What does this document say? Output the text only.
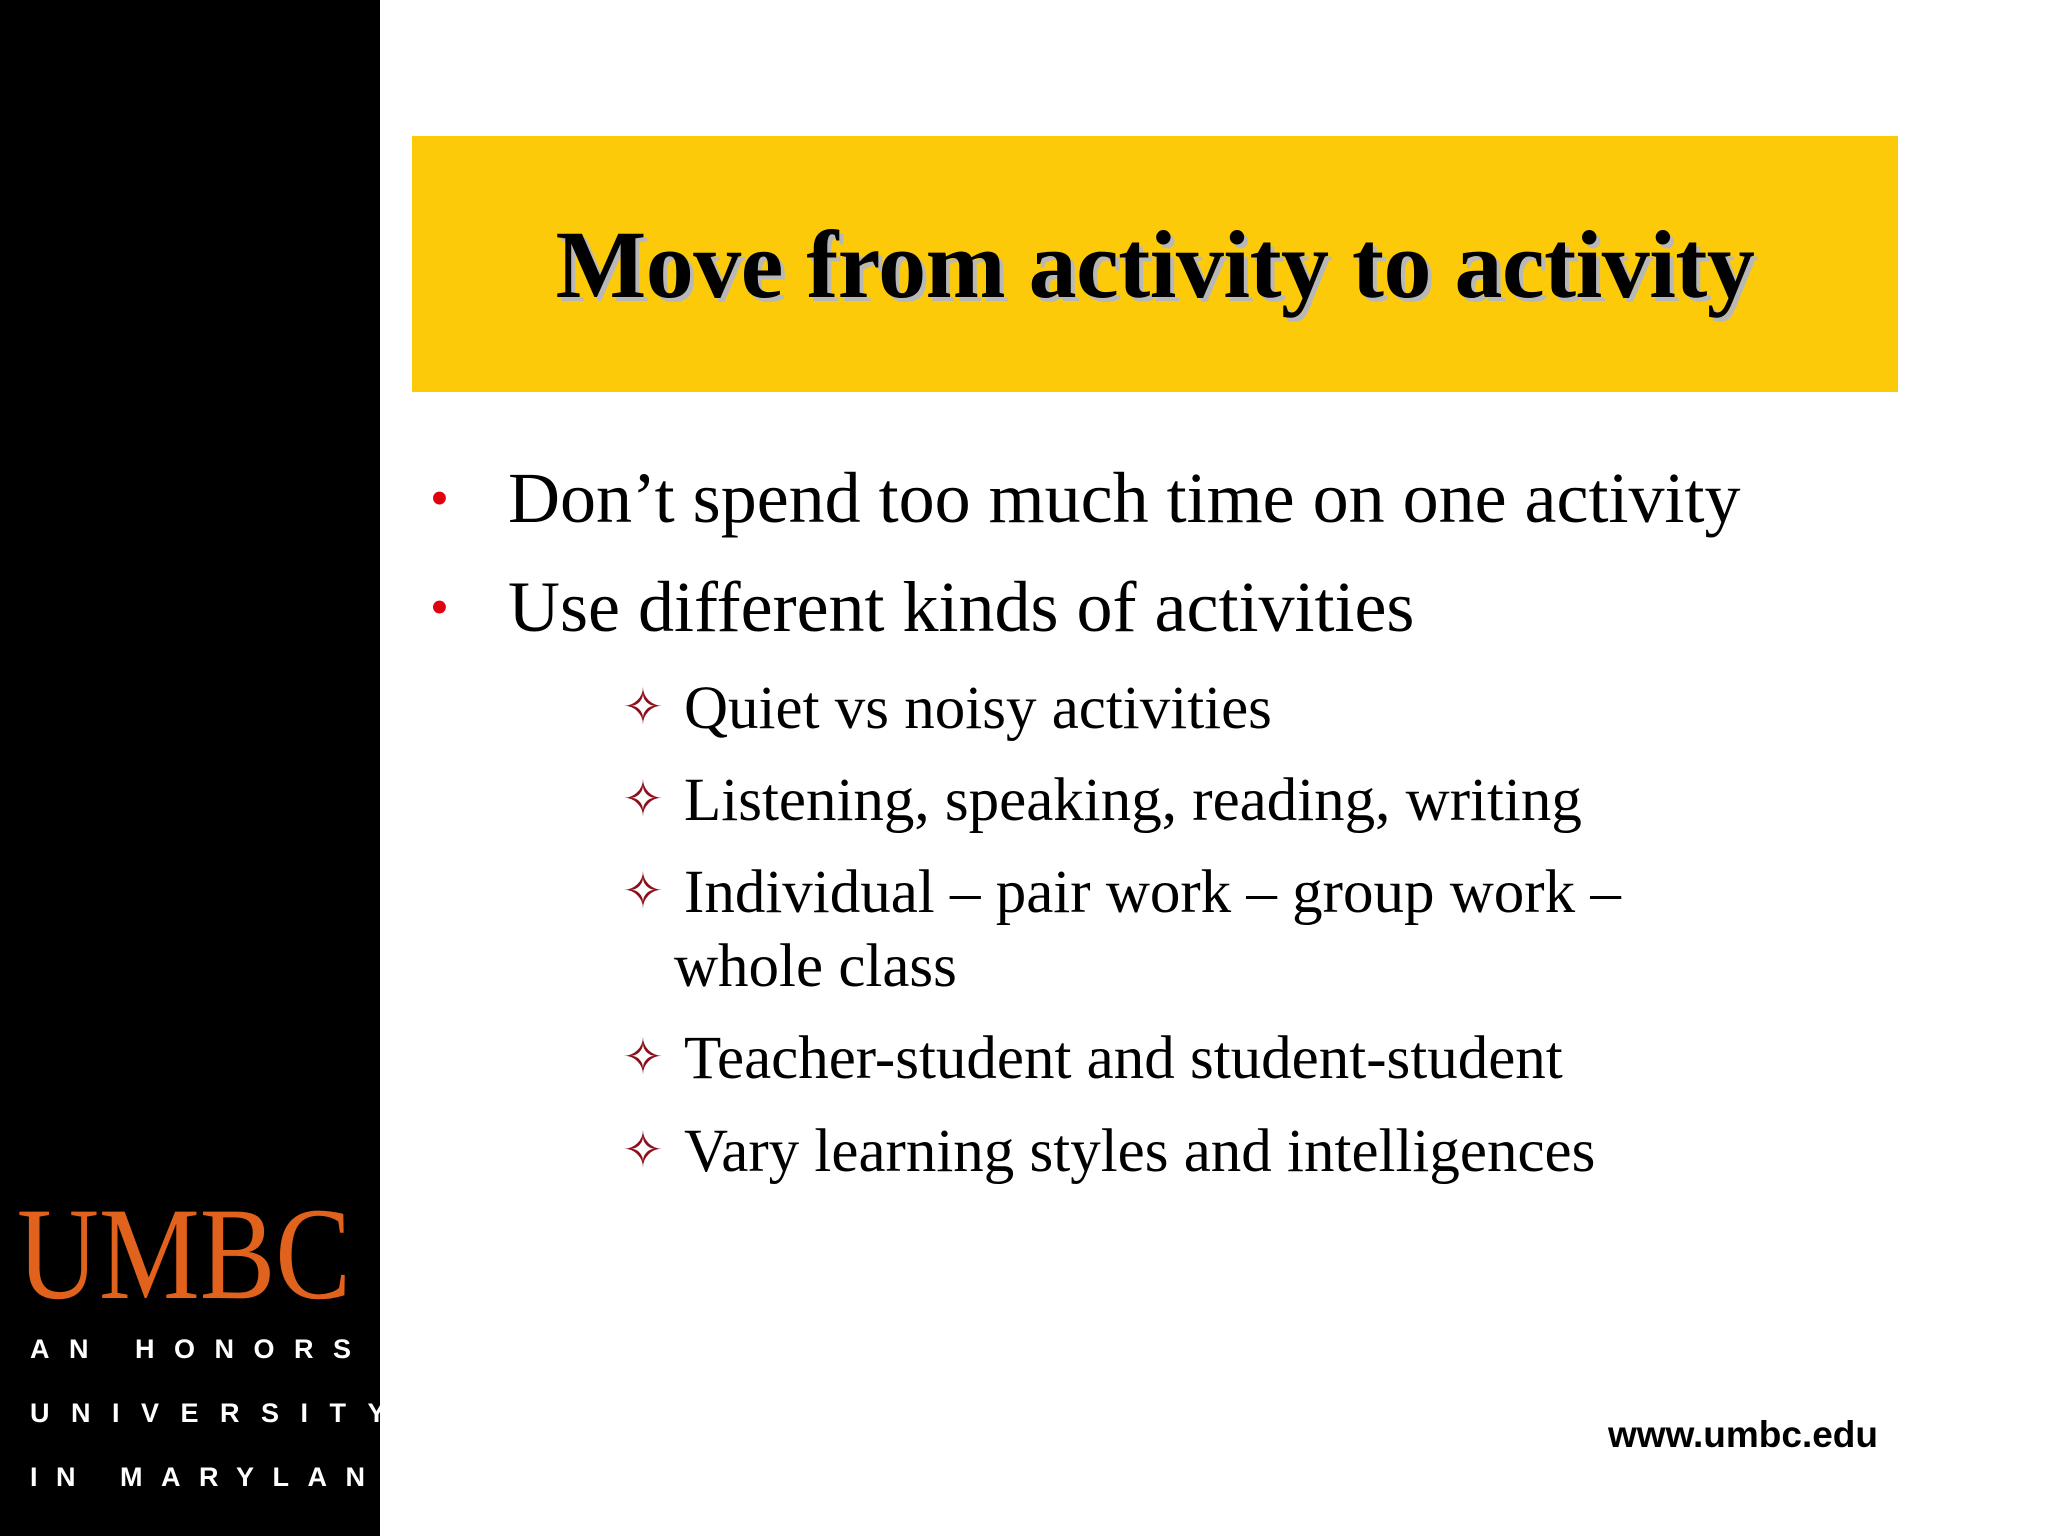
UMBC
AN HONORS
UNIVERSITY
IN MARYLAND
Move from activity to activity
• Don’t spend too much time on one activity
• Use different kinds of activities
✧ Quiet vs noisy activities
✧ Listening, speaking, reading, writing
✧ Individual – pair work – group work –
whole class
✧ Teacher-student and student-student
✧ Vary learning styles and intelligences
www.umbc.edu
